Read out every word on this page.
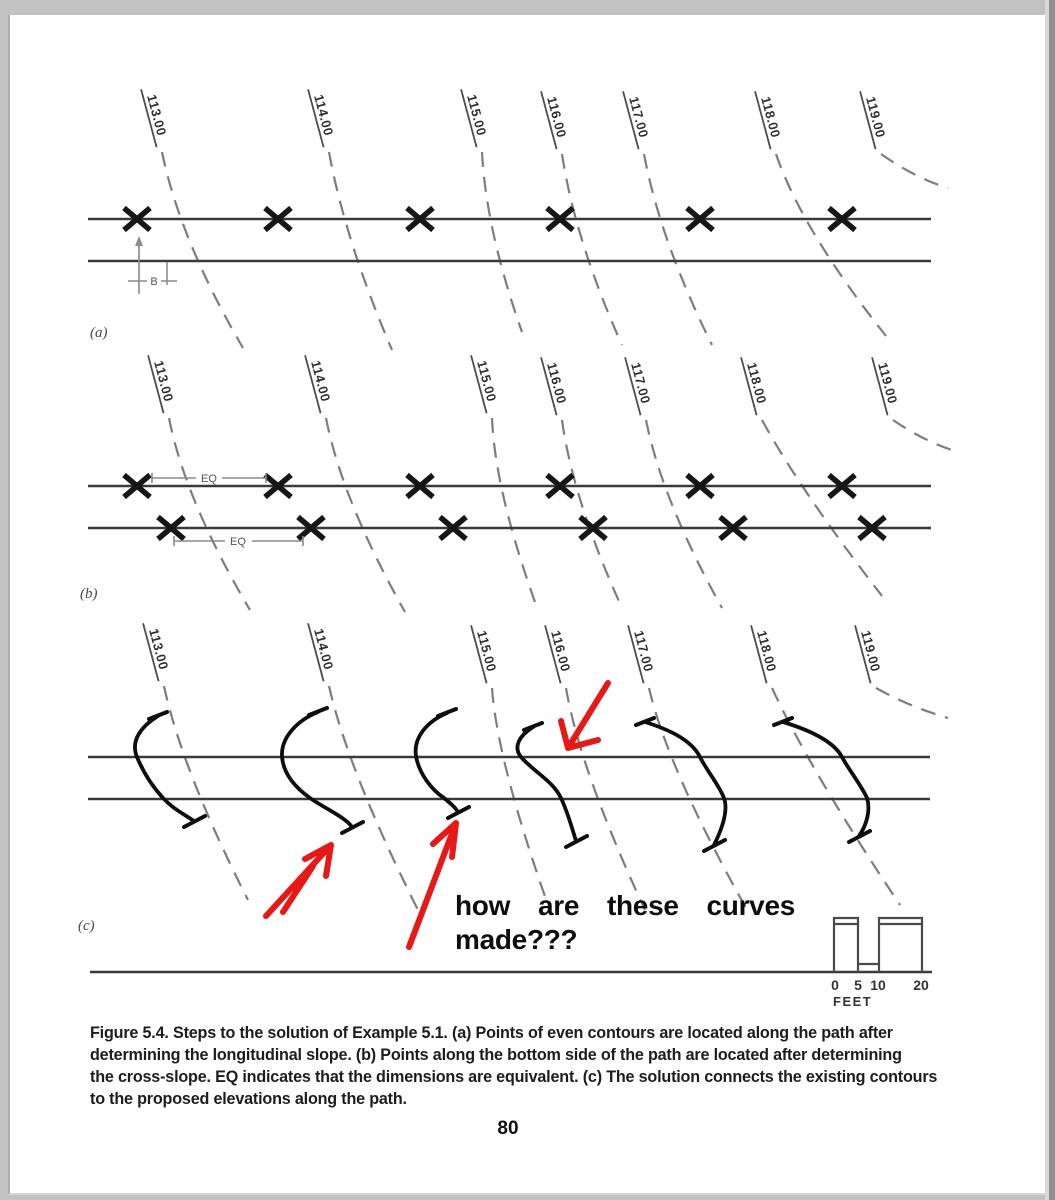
113.00	114.00	115.00	116.00	117.00	118.00	119.00
B
(a)
113.00	114.00	115.00	116.00	117.00	118.00	119.00
EQ
EQ
(b)
113.00	114.00	115.00	116.00	117.00	118.00	119.00
(c)
0 5 10 20
FEET
how are these curves
made???
Figure 5.4. Steps to the solution of Example 5.1. (a) Points of even contours are located along the path after
determining the longitudinal slope. (b) Points along the bottom side of the path are located after determining
the cross-slope. EQ indicates that the dimensions are equivalent. (c) The solution connects the existing contours
to the proposed elevations along the path.
80
